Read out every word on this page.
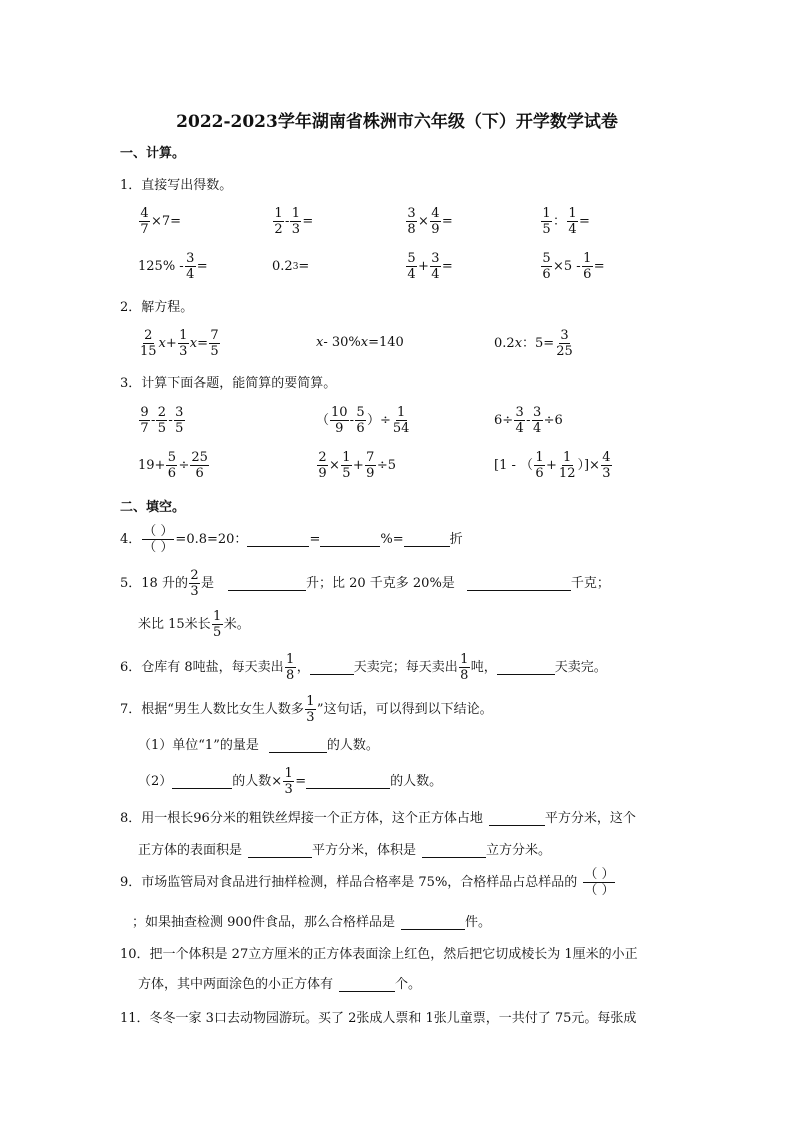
2022-2023学年湖南省株洲市六年级（下）开学数学试卷
一、计算。
1．直接写出得数。
$\frac{4}{7} \times 7=$	$\frac{1}{2} - \frac{1}{3}$ =	$\frac{3}{8} \times \frac{4}{9}$ =	$\frac{1}{5}$ ： $\frac{1}{4}$ =
$125\% - \frac{3}{4}$ =	0.2 3 =	$\frac{5}{4} + \frac{3}{4}$ =	$\frac{5}{6} \times 5 - \frac{1}{6}$ =
2．解方程。
$\frac{2}{15}$ $x + \frac{1}{3}$ $x = \frac{7}{5}$	x - 30% x =140	0.2 x ：$5= \frac{3}{25}$
3．计算下面各题，能简算的要简算。
$\frac{9}{7} - \frac{2}{5} - \frac{3}{5}$	（ $\frac{10}{9} - \frac{5}{6}$ ）÷ $\frac{1}{54}$	$6\div \frac{3}{4} - \frac{3}{4} \div 6$
$19+ \frac{5}{6} \div \frac{25}{6}$	$\frac{2}{9} \times \frac{1}{5} + \frac{7}{9} \div 5$	[1 - （ $\frac{1}{6} + \frac{1}{12}$ ）]× $\frac{4}{3}$
二、填空。
4． $\frac{( )}{( )} =0.8=20$：	=	%=	折
5．18 升的 $\frac{2}{3}$ 是	升；比 20 千克多 20%是	千克；
米比 15米长 $\frac{1}{5}$ 米。
6．仓库有 8吨盐，每天卖出 $\frac{1}{8}$ ，	天卖完；每天卖出 $\frac{1}{8}$ 吨，	天卖完。
7．根据“男生人数比女生人数多 $\frac{1}{3}$ ”这句话，可以得到以下结论。
（1）单位“1”的量是	的人数。
（2）	的人数× $\frac{1}{3}$ =	的人数。
8．用一根长96分米的粗铁丝焊接一个正方体，这个正方体占地	平方分米，这个
正方体的表面积是	平方分米，体积是	立方分米。
9．市场监管局对食品进行抽样检测，样品合格率是 75%，合格样品占总样品的 $\frac{( )}{( )}$
；如果抽查检测 900件食品，那么合格样品是	件。
10．把一个体积是 27立方厘米的正方体表面涂上红色，然后把它切成棱长为 1厘米的小正
方体，其中两面涂色的小正方体有	个。
11．冬冬一家 3口去动物园游玩。买了 2张成人票和 1张儿童票，一共付了 75元。每张成
